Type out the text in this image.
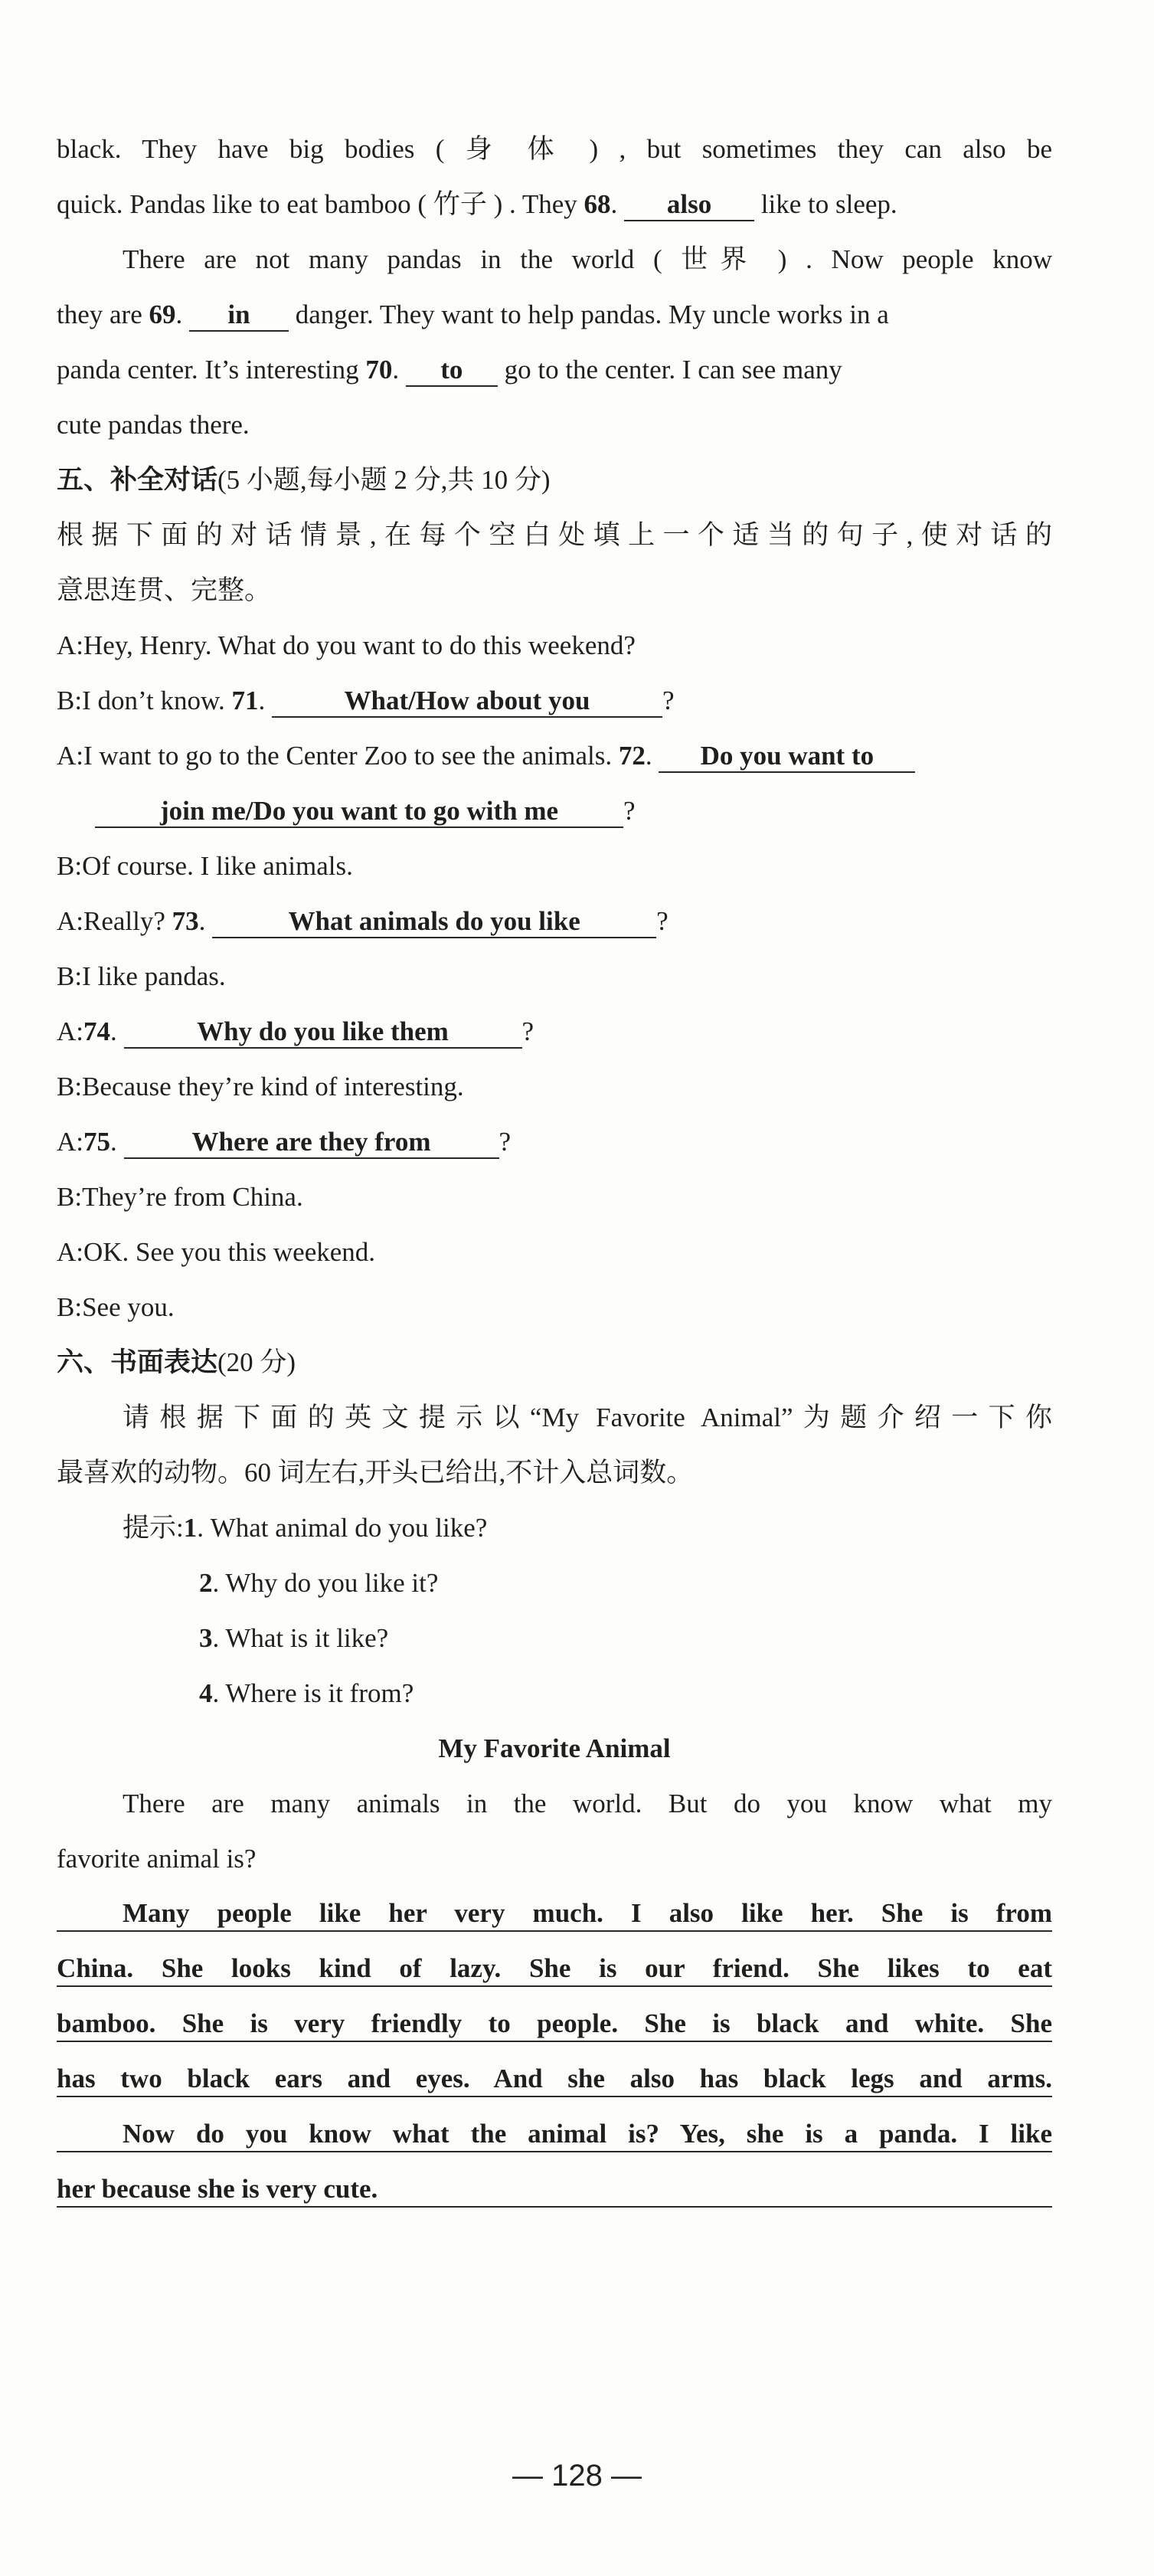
black. They have big bodies ( 身 体 ) , but sometimes they can also be
quick. Pandas like to eat bamboo ( 竹子 ) . They 68. also like to sleep.
There are not many pandas in the world ( 世界 ) . Now people know
they are 69. in danger. They want to help pandas. My uncle works in a
panda center. It’s interesting 70. to go to the center. I can see many
cute pandas there.
五、补全对话(5 小题,每小题 2 分,共 10 分)
根据下面的对话情景,在每个空白处填上一个适当的句子,使对话的
意思连贯、完整。
A:Hey, Henry. What do you want to do this weekend?
B:I don’t know. 71.	What/How about you	?
A:I want to go to the Center Zoo to see the animals. 72. Do you want to
join me/Do you want to go with me ?
B:Of course. I like animals.
A:Really? 73.	What animals do you like	?
B:I like pandas.
A:74.	Why do you like them	?
B:Because they’re kind of interesting.
A:75.	Where are they from	?
B:They’re from China.
A:OK. See you this weekend.
B:See you.
六、书面表达(20 分)
请根据下面的英文提示以“My Favorite Animal”为题介绍一下你
最喜欢的动物。60 词左右,开头已给出,不计入总词数。
提示:1. What animal do you like?
2. Why do you like it?
3. What is it like?
4. Where is it from?
My Favorite Animal
There are many animals in the world. But do you know what my
favorite animal is?
Many people like her very much. I also like her. She is from
China. She looks kind of lazy. She is our friend. She likes to eat
bamboo. She is very friendly to people. She is black and white. She
has two black ears and eyes. And she also has black legs and arms.
Now do you know what the animal is? Yes, she is a panda. I like
her because she is very cute.
— 128 —
